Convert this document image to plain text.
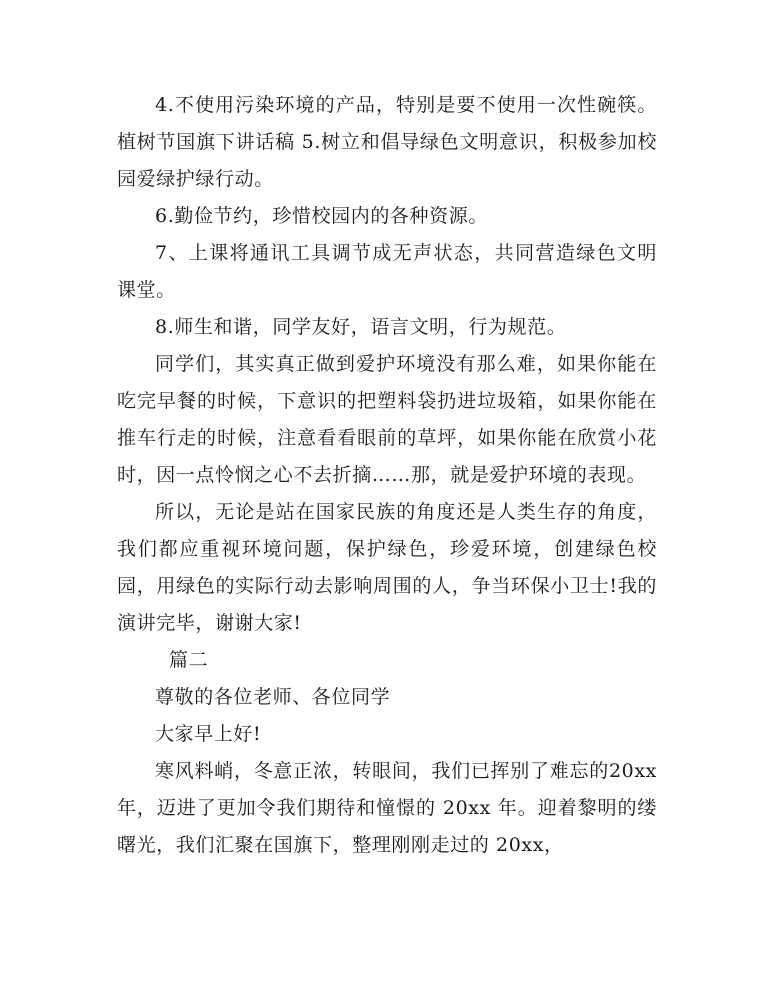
4.不使用污染环境的产品，特别是要不使用一次性碗筷。植树节国旗下讲话稿 5.树立和倡导绿色文明意识，积极参加校园爱绿护绿行动。

6.勤俭节约，珍惜校园内的各种资源。

7、上课将通讯工具调节成无声状态，共同营造绿色文明课堂。

8.师生和谐，同学友好，语言文明，行为规范。

同学们，其实真正做到爱护环境没有那么难，如果你能在吃完早餐的时候，下意识的把塑料袋扔进垃圾箱，如果你能在推车行走的时候，注意看看眼前的草坪，如果你能在欣赏小花时，因一点怜悯之心不去折摘……那，就是爱护环境的表现。

所以，无论是站在国家民族的角度还是人类生存的角度，我们都应重视环境问题，保护绿色，珍爱环境，创建绿色校园，用绿色的实际行动去影响周围的人，争当环保小卫士!我的演讲完毕，谢谢大家!

篇二

尊敬的各位老师、各位同学

大家早上好!

寒风料峭，冬意正浓，转眼间，我们已挥别了难忘的20xx 年，迈进了更加令我们期待和憧憬的 20xx 年。迎着黎明的缕曙光，我们汇聚在国旗下，整理刚刚走过的 20xx，
